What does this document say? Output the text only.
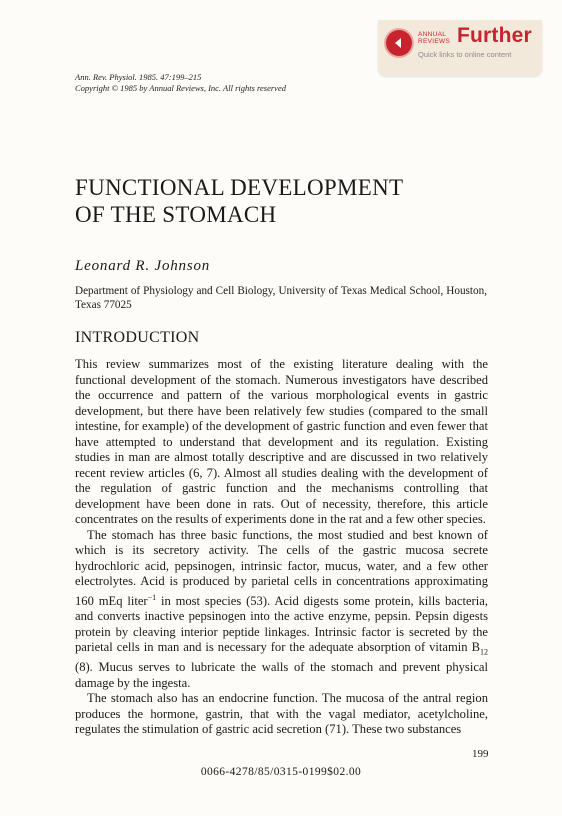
ANNUAL
REVIEWS Further
Quick links to online content
Ann. Rev. Physiol. 1985. 47:199–215
Copyright © 1985 by Annual Reviews, Inc. All rights reserved
FUNCTIONAL DEVELOPMENT
OF THE STOMACH
Leonard R. Johnson
Department of Physiology and Cell Biology, University of Texas Medical School, Houston, Texas 77025
INTRODUCTION

This review summarizes most of the existing literature dealing with the functional development of the stomach. Numerous investigators have described the occurrence and pattern of the various morphological events in gastric development, but there have been relatively few studies (compared to the small intestine, for example) of the development of gastric function and even fewer that have attempted to understand that development and its regulation. Existing studies in man are almost totally descriptive and are discussed in two relatively recent review articles (6, 7). Almost all studies dealing with the development of the regulation of gastric function and the mechanisms controlling that development have been done in rats. Out of necessity, therefore, this article concentrates on the results of experiments done in the rat and a few other species.

The stomach has three basic functions, the most studied and best known of which is its secretory activity. The cells of the gastric mucosa secrete hydrochloric acid, pepsinogen, intrinsic factor, mucus, water, and a few other electrolytes. Acid is produced by parietal cells in concentrations approximating 160 mEq liter$^{-1}$ in most species (53). Acid digests some protein, kills bacteria, and converts inactive pepsinogen into the active enzyme, pepsin. Pepsin digests protein by cleaving interior peptide linkages. Intrinsic factor is secreted by the parietal cells in man and is necessary for the adequate absorption of vitamin $B_{12}$ (8). Mucus serves to lubricate the walls of the stomach and prevent physical damage by the ingesta.

The stomach also has an endocrine function. The mucosa of the antral region produces the hormone, gastrin, that with the vagal mediator, acetylcholine, regulates the stimulation of gastric acid secretion (71). These two substances

199
0066-4278/85/0315-0199$02.00
